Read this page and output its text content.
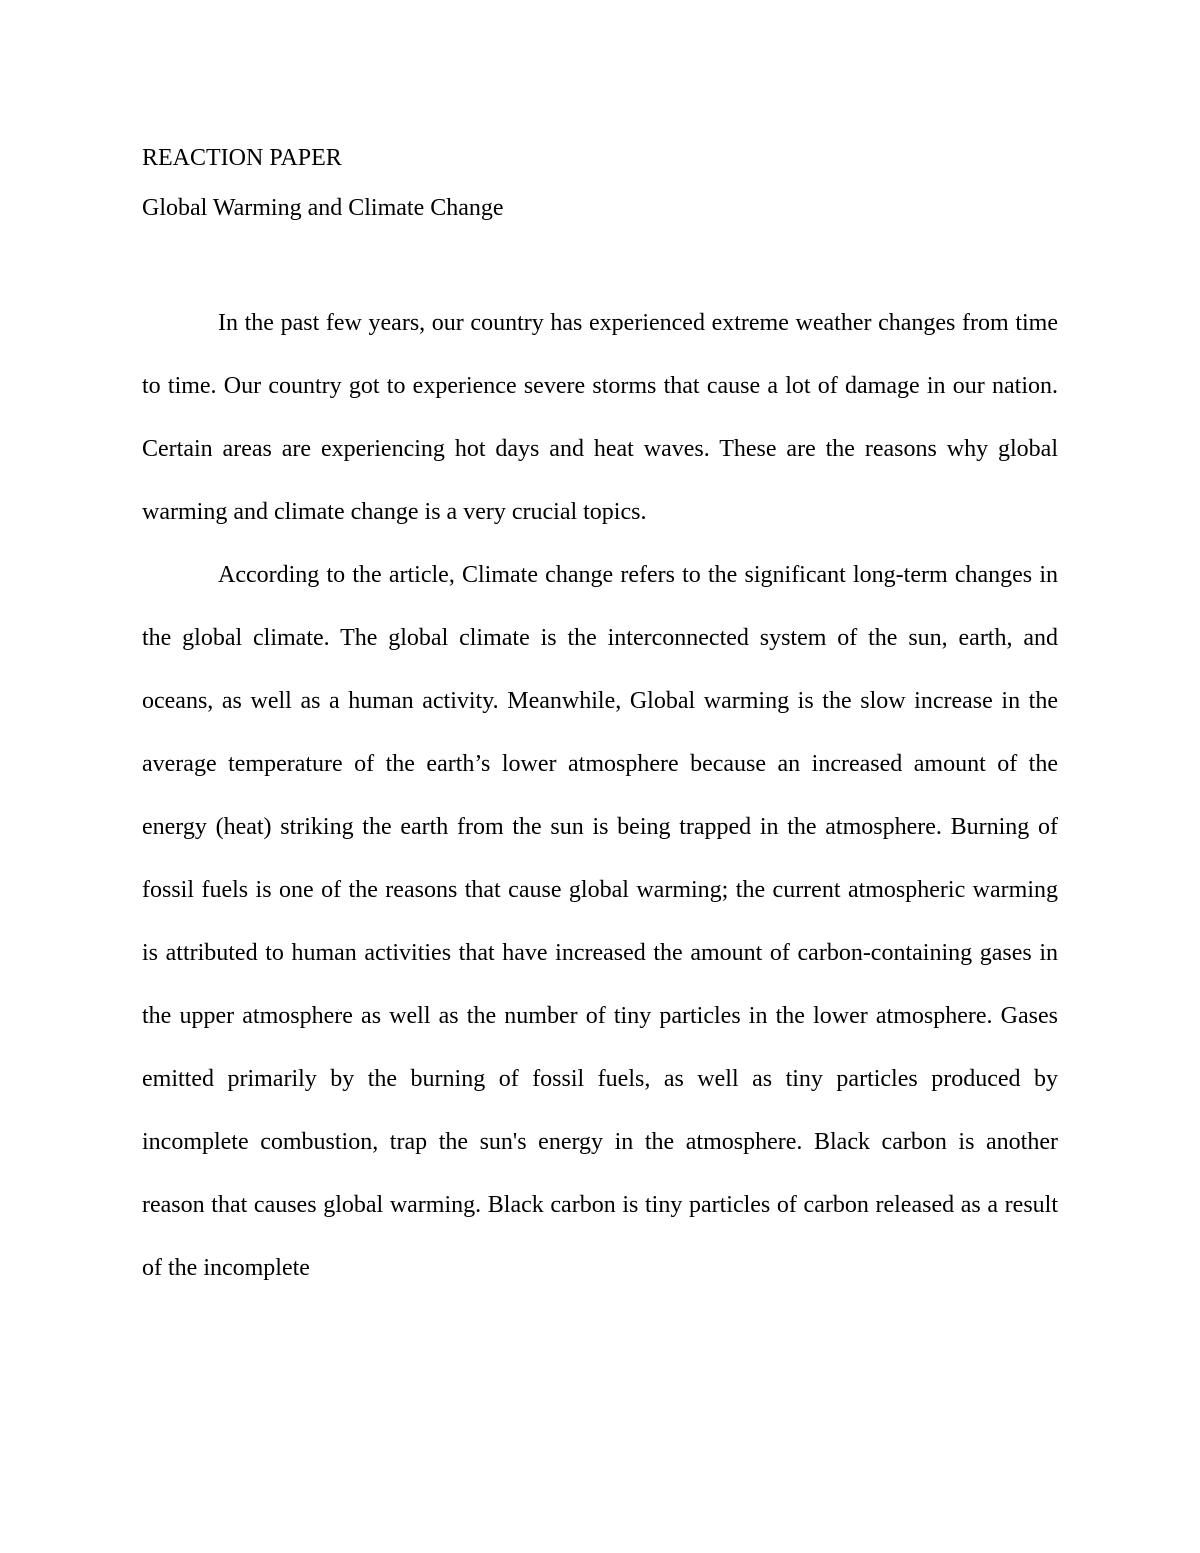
REACTION PAPER
Global Warming and Climate Change

In the past few years, our country has experienced extreme weather changes from time to time. Our country got to experience severe storms that cause a lot of damage in our nation. Certain areas are experiencing hot days and heat waves. These are the reasons why global warming and climate change is a very crucial topics.

According to the article, Climate change refers to the significant long-term changes in the global climate. The global climate is the interconnected system of the sun, earth, and oceans, as well as a human activity. Meanwhile, Global warming is the slow increase in the average temperature of the earth’s lower atmosphere because an increased amount of the energy (heat) striking the earth from the sun is being trapped in the atmosphere. Burning of fossil fuels is one of the reasons that cause global warming; the current atmospheric warming is attributed to human activities that have increased the amount of carbon-containing gases in the upper atmosphere as well as the number of tiny particles in the lower atmosphere. Gases emitted primarily by the burning of fossil fuels, as well as tiny particles produced by incomplete combustion, trap the sun's energy in the atmosphere. Black carbon is another reason that causes global warming. Black carbon is tiny particles of carbon released as a result of the incomplete
